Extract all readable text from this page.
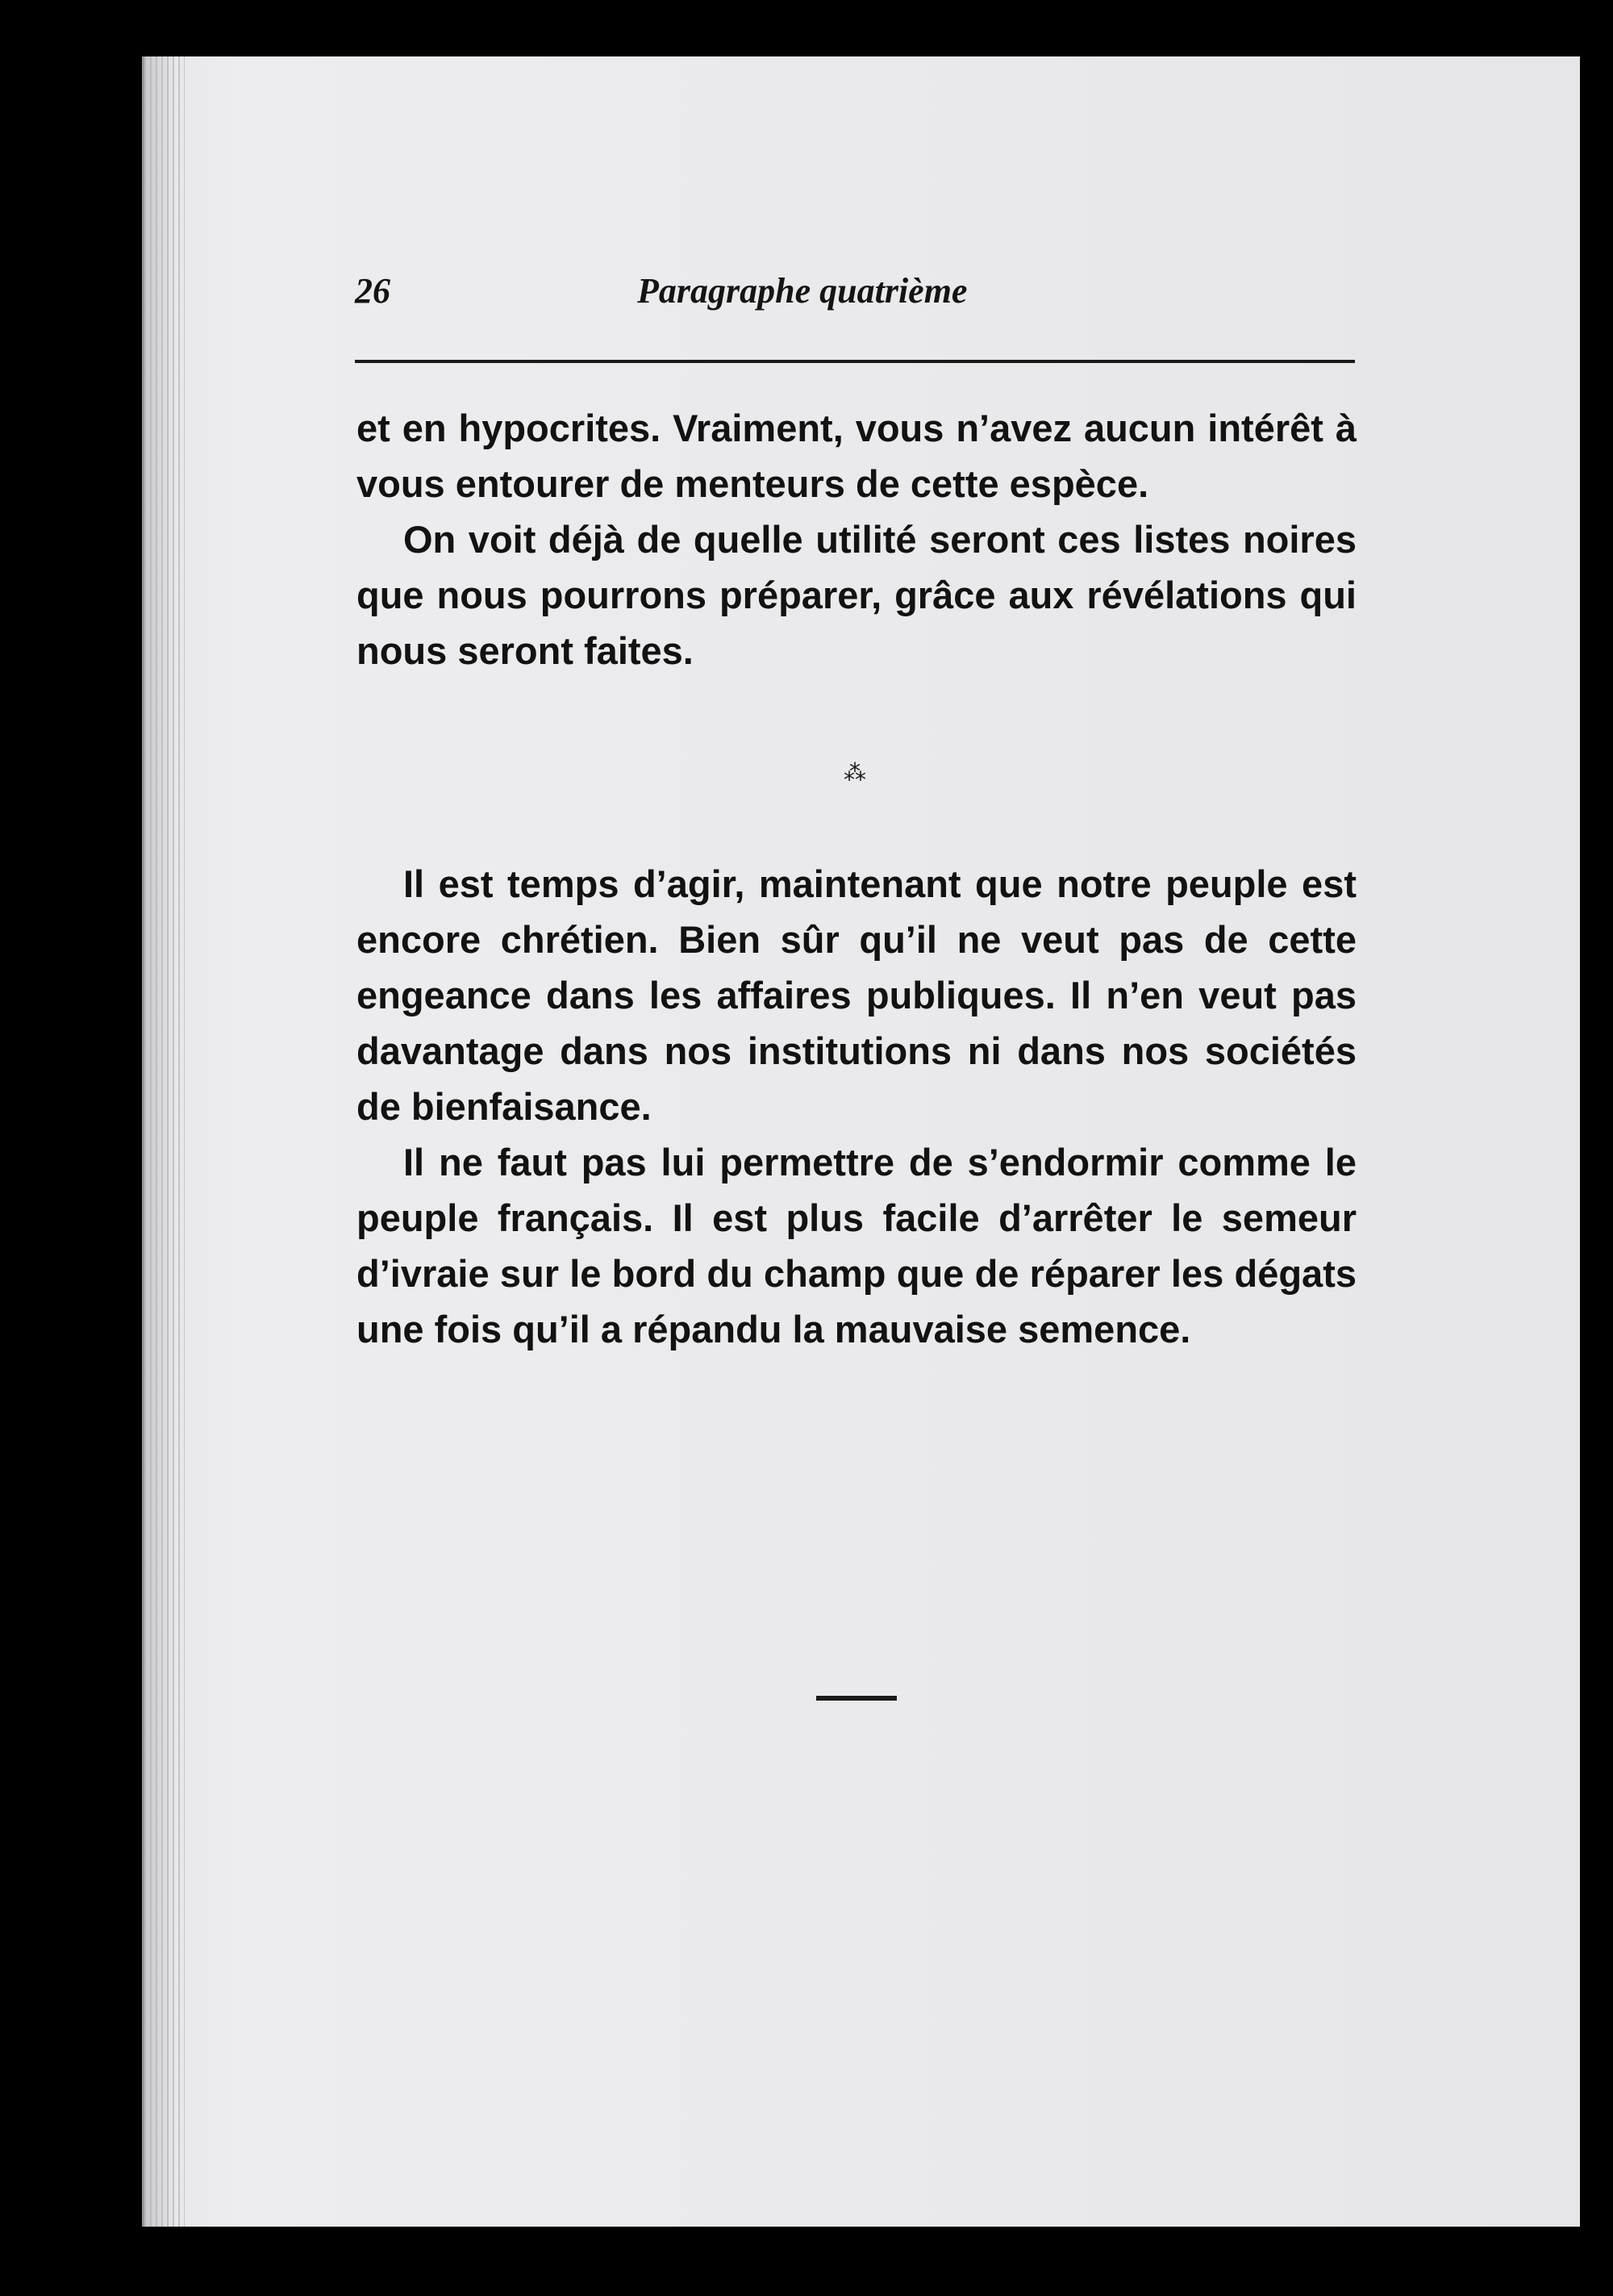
26	Paragraphe quatrième

et en hypocrites. Vraiment, vous n’avez aucun intérêt à vous entourer de menteurs de cette espèce.

On voit déjà de quelle utilité seront ces listes noires que nous pourrons préparer, grâce aux révélations qui nous seront faites.

⁂

Il est temps d’agir, maintenant que notre peuple est encore chrétien. Bien sûr qu’il ne veut pas de cette engeance dans les affaires publiques. Il n’en veut pas davantage dans nos institutions ni dans nos sociétés de bienfaisance.

Il ne faut pas lui permettre de s’endormir comme le peuple français. Il est plus facile d’arrêter le semeur d’ivraie sur le bord du champ que de réparer les dégats une fois qu’il a répandu la mauvaise semence.
